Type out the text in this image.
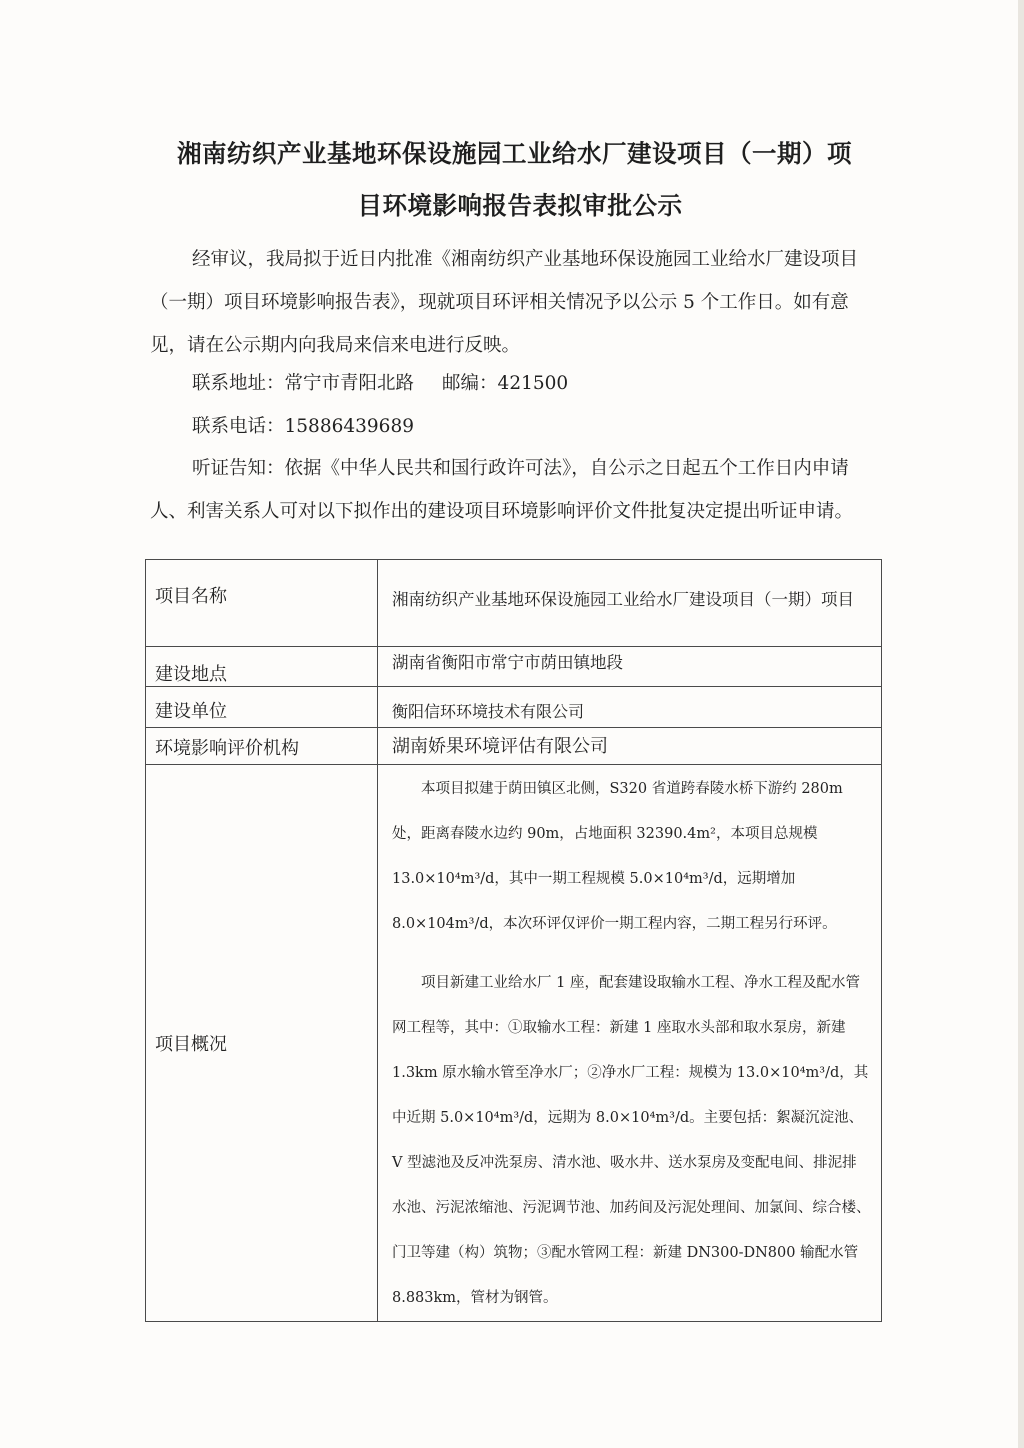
湘南纺织产业基地环保设施园工业给水厂建设项目（一期）项
目环境影响报告表拟审批公示
经审议，我局拟于近日内批准《湘南纺织产业基地环保设施园工业给水厂建设项目（一期）项目环境影响报告表》，现就项目环评相关情况予以公示 5 个工作日。如有意见，请在公示期内向我局来信来电进行反映。
联系地址：常宁市青阳北路 邮编：421500
联系电话：15886439689
听证告知：依据《中华人民共和国行政许可法》，自公示之日起五个工作日内申请人、利害关系人可对以下拟作出的建设项目环境影响评价文件批复决定提出听证申请。
项目名称	湘南纺织产业基地环保设施园工业给水厂建设项目（一期）项目

建设地点	湖南省衡阳市常宁市荫田镇地段

建设单位	衡阳信环环境技术有限公司

环境影响评价机构	湖南娇果环境评估有限公司

项目概况	本项目拟建于荫田镇区北侧，S320 省道跨春陵水桥下游约 280m 处，距离春陵水边约 90m，占地面积 32390.4m²，本项目总规模 13.0×10⁴m³/d，其中一期工程规模 5.0×10⁴m³/d，远期增加 8.0×104m³/d，本次环评仅评价一期工程内容，二期工程另行环评。

项目新建工业给水厂 1 座，配套建设取输水工程、净水工程及配水管网工程等，其中：①取输水工程：新建 1 座取水头部和取水泵房，新建 1.3km 原水输水管至净水厂；②净水厂工程：规模为 13.0×10⁴m³/d，其中近期 5.0×10⁴m³/d，远期为 8.0×10⁴m³/d。主要包括：絮凝沉淀池、V 型滤池及反冲洗泵房、清水池、吸水井、送水泵房及变配电间、排泥排水池、污泥浓缩池、污泥调节池、加药间及污泥处理间、加氯间、综合楼、门卫等建（构）筑物；③配水管网工程：新建 DN300-DN800 输配水管 8.883km，管材为钢管。
